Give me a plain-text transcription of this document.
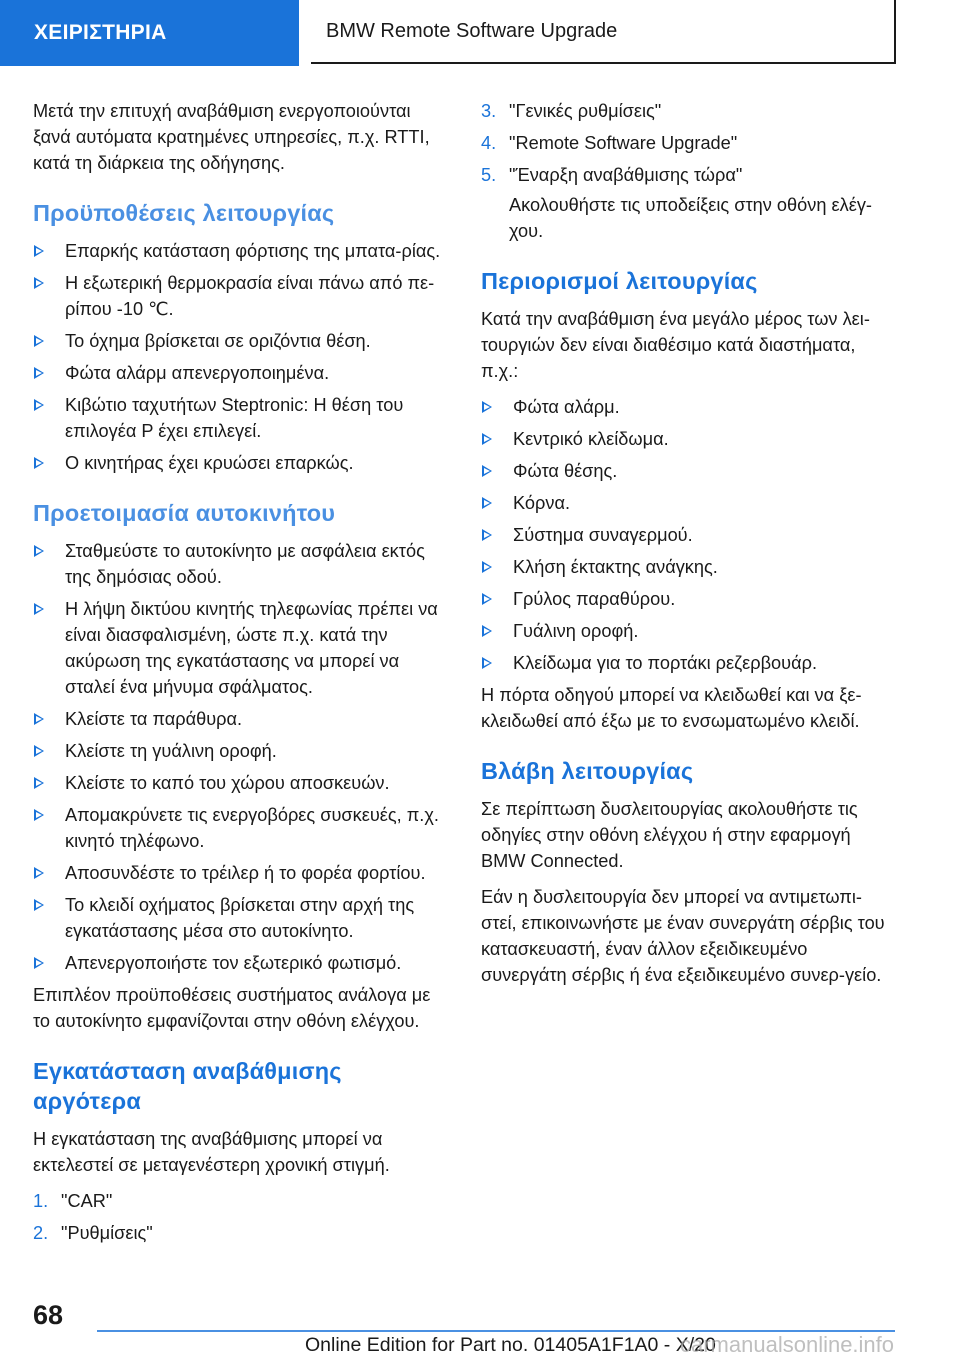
ΧΕΙΡΙΣΤΗΡΙΑ	BMW Remote Software Upgrade

Μετά την επιτυχή αναβάθμιση ενεργοποιούνται ξανά αυτόματα κρατημένες υπηρεσίες, π.χ. RTTI, κατά τη διάρκεια της οδήγησης.

Προϋποθέσεις λειτουργίας
Επαρκής κατάσταση φόρτισης της μπατα‐ρίας.
Η εξωτερική θερμοκρασία είναι πάνω από πε‐ρίπου -10 ℃.
Το όχημα βρίσκεται σε οριζόντια θέση.
Φώτα αλάρμ απενεργοποιημένα.
Κιβώτιο ταχυτήτων Steptronic: Η θέση του επιλογέα P έχει επιλεγεί.
Ο κινητήρας έχει κρυώσει επαρκώς.
Προετοιμασία αυτοκινήτου
Σταθμεύστε το αυτοκίνητο με ασφάλεια εκτός της δημόσιας οδού.
Η λήψη δικτύου κινητής τηλεφωνίας πρέπει να είναι διασφαλισμένη, ώστε π.χ. κατά την ακύρωση της εγκατάστασης να μπορεί να σταλεί ένα μήνυμα σφάλματος.
Κλείστε τα παράθυρα.
Κλείστε τη γυάλινη οροφή.
Κλείστε το καπό του χώρου αποσκευών.
Απομακρύνετε τις ενεργοβόρες συσκευές, π.χ. κινητό τηλέφωνο.
Αποσυνδέστε το τρέιλερ ή το φορέα φορτίου.
Το κλειδί οχήματος βρίσκεται στην αρχή της εγκατάστασης μέσα στο αυτοκίνητο.
Απενεργοποιήστε τον εξωτερικό φωτισμό.

Επιπλέον προϋποθέσεις συστήματος ανάλογα με το αυτοκίνητο εμφανίζονται στην οθόνη ελέγχου.

Εγκατάσταση αναβάθμισης αργότερα

Η εγκατάσταση της αναβάθμισης μπορεί να εκτελεστεί σε μεταγενέστερη χρονική στιγμή.

1. "CAR"
2. "Ρυθμίσεις"
3. "Γενικές ρυθμίσεις"
4. "Remote Software Upgrade"
5. "Έναρξη αναβάθμισης τώρα"

Ακολουθήστε τις υποδείξεις στην οθόνη ελέγ‐χου.

Περιορισμοί λειτουργίας

Κατά την αναβάθμιση ένα μεγάλο μέρος των λει‐τουργιών δεν είναι διαθέσιμο κατά διαστήματα, π.χ.:

Φώτα αλάρμ.
Κεντρικό κλείδωμα.
Φώτα θέσης.
Κόρνα.
Σύστημα συναγερμού.
Κλήση έκτακτης ανάγκης.
Γρύλος παραθύρου.
Γυάλινη οροφή.
Κλείδωμα για το πορτάκι ρεζερβουάρ.

Η πόρτα οδηγού μπορεί να κλειδωθεί και να ξε‐κλειδωθεί από έξω με το ενσωματωμένο κλειδί.

Βλάβη λειτουργίας

Σε περίπτωση δυσλειτουργίας ακολουθήστε τις οδηγίες στην οθόνη ελέγχου ή στην εφαρμογή BMW Connected.

Εάν η δυσλειτουργία δεν μπορεί να αντιμετωπι‐στεί, επικοινωνήστε με έναν συνεργάτη σέρβις του κατασκευαστή, έναν άλλον εξειδικευμένο συνεργάτη σέρβις ή ένα εξειδικευμένο συνερ‐γείο.

68
Online Edition for Part no. 01405A1F1A0 - X/20
carmanualsonline.info
